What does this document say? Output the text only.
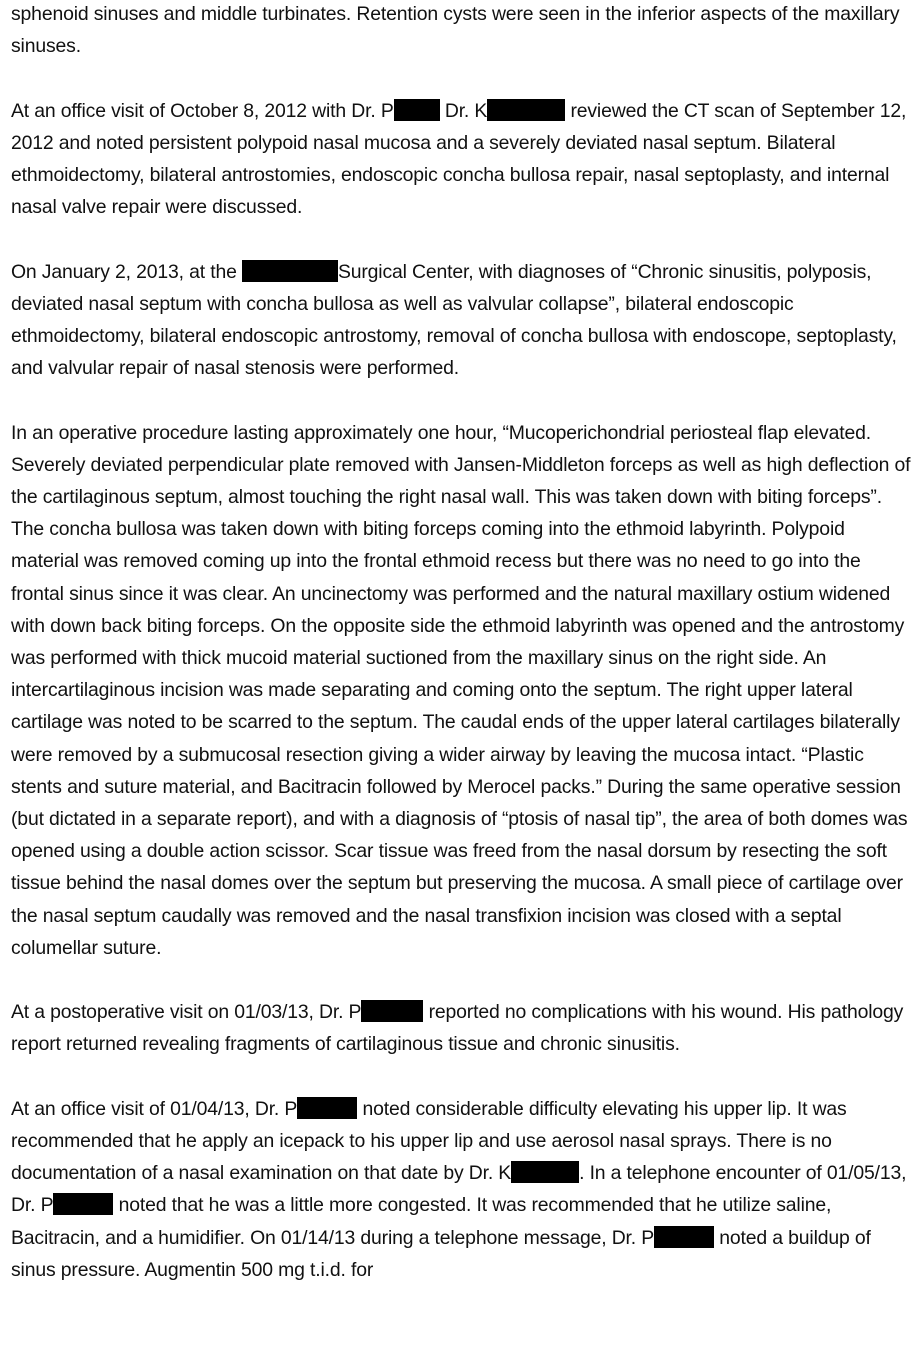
sphenoid sinuses and middle turbinates. Retention cysts were seen in the inferior aspects of the maxillary sinuses.

At an office visit of October 8, 2012 with Dr. P Dr. K	reviewed the CT scan of September 12, 2012 and noted persistent polypoid nasal mucosa and a severely deviated nasal septum. Bilateral ethmoidectomy, bilateral antrostomies, endoscopic concha bullosa repair, nasal septoplasty, and internal nasal valve repair were discussed.

On January 2, 2013, at the	Surgical Center, with diagnoses of “Chronic sinusitis, polyposis, deviated nasal septum with concha bullosa as well as valvular collapse”, bilateral endoscopic ethmoidectomy, bilateral endoscopic antrostomy, removal of concha bullosa with endoscope, septoplasty, and valvular repair of nasal stenosis were performed.

In an operative procedure lasting approximately one hour, “Mucoperichondrial periosteal flap elevated. Severely deviated perpendicular plate removed with Jansen-Middleton forceps as well as high deflection of the cartilaginous septum, almost touching the right nasal wall. This was taken down with biting forceps”. The concha bullosa was taken down with biting forceps coming into the ethmoid labyrinth. Polypoid material was removed coming up into the frontal ethmoid recess but there was no need to go into the frontal sinus since it was clear. An uncinectomy was performed and the natural maxillary ostium widened with down back biting forceps. On the opposite side the ethmoid labyrinth was opened and the antrostomy was performed with thick mucoid material suctioned from the maxillary sinus on the right side. An intercartilaginous incision was made separating and coming onto the septum. The right upper lateral cartilage was noted to be scarred to the septum. The caudal ends of the upper lateral cartilages bilaterally were removed by a submucosal resection giving a wider airway by leaving the mucosa intact. “Plastic stents and suture material, and Bacitracin followed by Merocel packs.” During the same operative session (but dictated in a separate report), and with a diagnosis of “ptosis of nasal tip”, the area of both domes was opened using a double action scissor. Scar tissue was freed from the nasal dorsum by resecting the soft tissue behind the nasal domes over the septum but preserving the mucosa. A small piece of cartilage over the nasal septum caudally was removed and the nasal transfixion incision was closed with a septal columellar suture.

At a postoperative visit on 01/03/13, Dr. P	reported no complications with his wound. His pathology report returned revealing fragments of cartilaginous tissue and chronic sinusitis.

At an office visit of 01/04/13, Dr. P	noted considerable difficulty elevating his upper lip. It was recommended that he apply an icepack to his upper lip and use aerosol nasal sprays. There is no documentation of a nasal examination on that date by Dr. K	. In a telephone encounter of 01/05/13, Dr. P	noted that he was a little more congested. It was recommended that he utilize saline, Bacitracin, and a humidifier. On 01/14/13 during a telephone message, Dr. P	noted a buildup of sinus pressure. Augmentin 500 mg t.i.d. for
